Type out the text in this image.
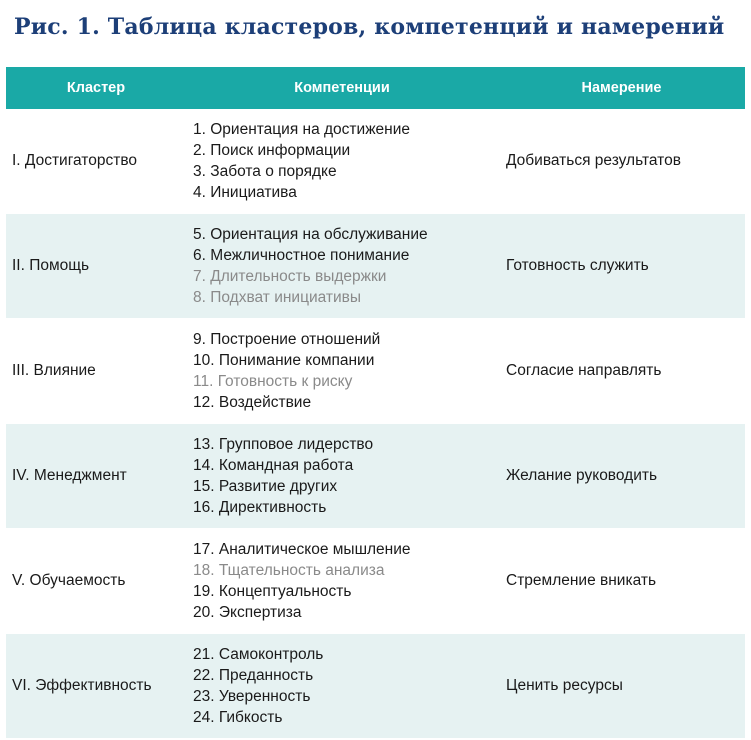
Рис. 1. Таблица кластеров, компетенций и намерений
Кластер	Компетенции	Намерение
I. Достигаторство
1. Ориентация на достижение
2. Поиск информации
3. Забота о порядке
4. Инициатива
Добиваться результатов
II. Помощь
5. Ориентация на обслуживание
6. Межличностное понимание
7. Длительность выдержки
8. Подхват инициативы
Готовность служить
III. Влияние
9. Построение отношений
10. Понимание компании
11. Готовность к риску
12. Воздействие
Согласие направлять
IV. Менеджмент
13. Групповое лидерство
14. Командная работа
15. Развитие других
16. Директивность
Желание руководить
V. Обучаемость
17. Аналитическое мышление
18. Тщательность анализа
19. Концептуальность
20. Экспертиза
Стремление вникать
VI. Эффективность
21. Самоконтроль
22. Преданность
23. Уверенность
24. Гибкость
Ценить ресурсы
